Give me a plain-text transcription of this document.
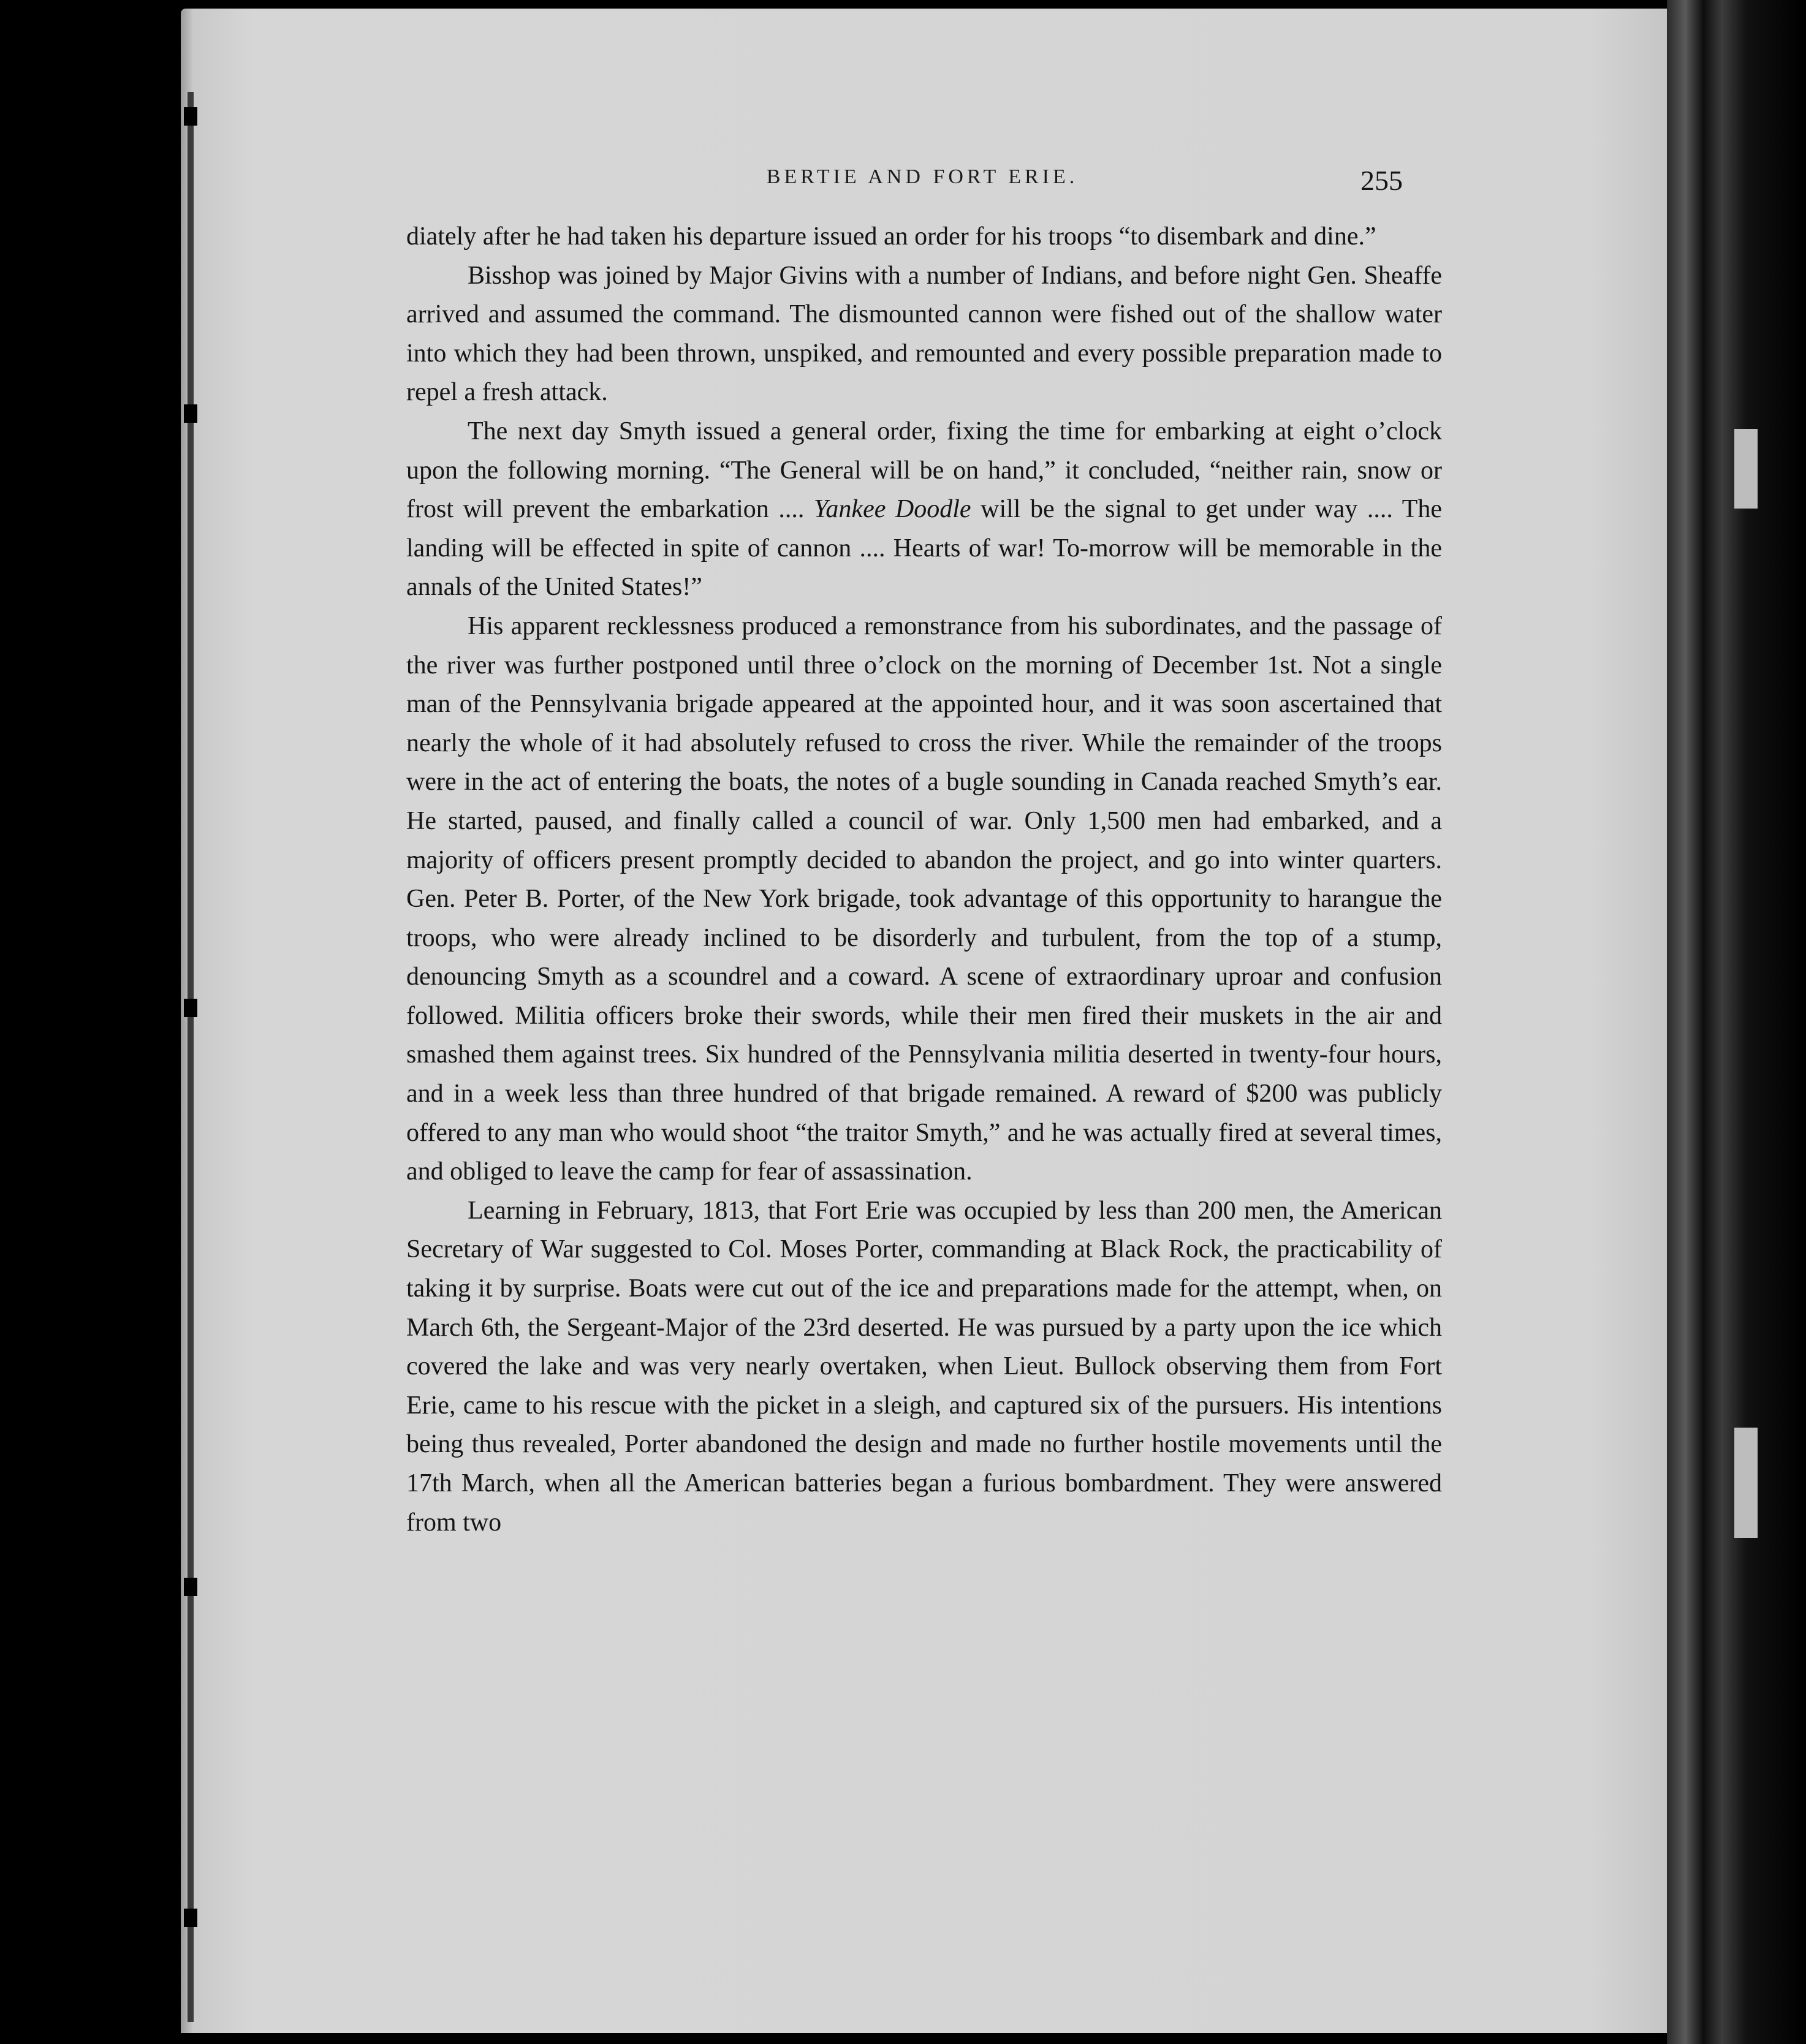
BERTIE AND FORT ERIE.	255

diately after he had taken his departure issued an order for his troops “to disembark and dine.”

Bisshop was joined by Major Givins with a number of Indians, and before night Gen. Sheaffe arrived and assumed the command. The dismounted cannon were fished out of the shallow water into which they had been thrown, unspiked, and remounted and every possible preparation made to repel a fresh attack.

The next day Smyth issued a general order, fixing the time for embarking at eight o’clock upon the following morning. “The General will be on hand,” it concluded, “neither rain, snow or frost will prevent the embarkation .... Yankee Doodle will be the signal to get under way .... The landing will be effected in spite of cannon .... Hearts of war! To-morrow will be memorable in the annals of the United States!”

His apparent recklessness produced a remonstrance from his subordinates, and the passage of the river was further postponed until three o’clock on the morning of December 1st. Not a single man of the Pennsylvania brigade appeared at the appointed hour, and it was soon ascertained that nearly the whole of it had absolutely refused to cross the river. While the remainder of the troops were in the act of entering the boats, the notes of a bugle sounding in Canada reached Smyth’s ear. He started, paused, and finally called a council of war. Only 1,500 men had embarked, and a majority of officers present promptly decided to abandon the project, and go into winter quarters. Gen. Peter B. Porter, of the New York brigade, took advantage of this opportunity to harangue the troops, who were already inclined to be disorderly and turbulent, from the top of a stump, denouncing Smyth as a scoundrel and a coward. A scene of extraordinary uproar and confusion followed. Militia officers broke their swords, while their men fired their muskets in the air and smashed them against trees. Six hundred of the Pennsylvania militia deserted in twenty-four hours, and in a week less than three hundred of that brigade remained. A reward of $200 was publicly offered to any man who would shoot “the traitor Smyth,” and he was actually fired at several times, and obliged to leave the camp for fear of assassination.

Learning in February, 1813, that Fort Erie was occupied by less than 200 men, the American Secretary of War suggested to Col. Moses Porter, commanding at Black Rock, the practicability of taking it by surprise. Boats were cut out of the ice and preparations made for the attempt, when, on March 6th, the Sergeant-Major of the 23rd deserted. He was pursued by a party upon the ice which covered the lake and was very nearly overtaken, when Lieut. Bullock observing them from Fort Erie, came to his rescue with the picket in a sleigh, and captured six of the pursuers. His intentions being thus revealed, Porter abandoned the design and made no further hostile movements until the 17th March, when all the American batteries began a furious bombardment. They were answered from two
